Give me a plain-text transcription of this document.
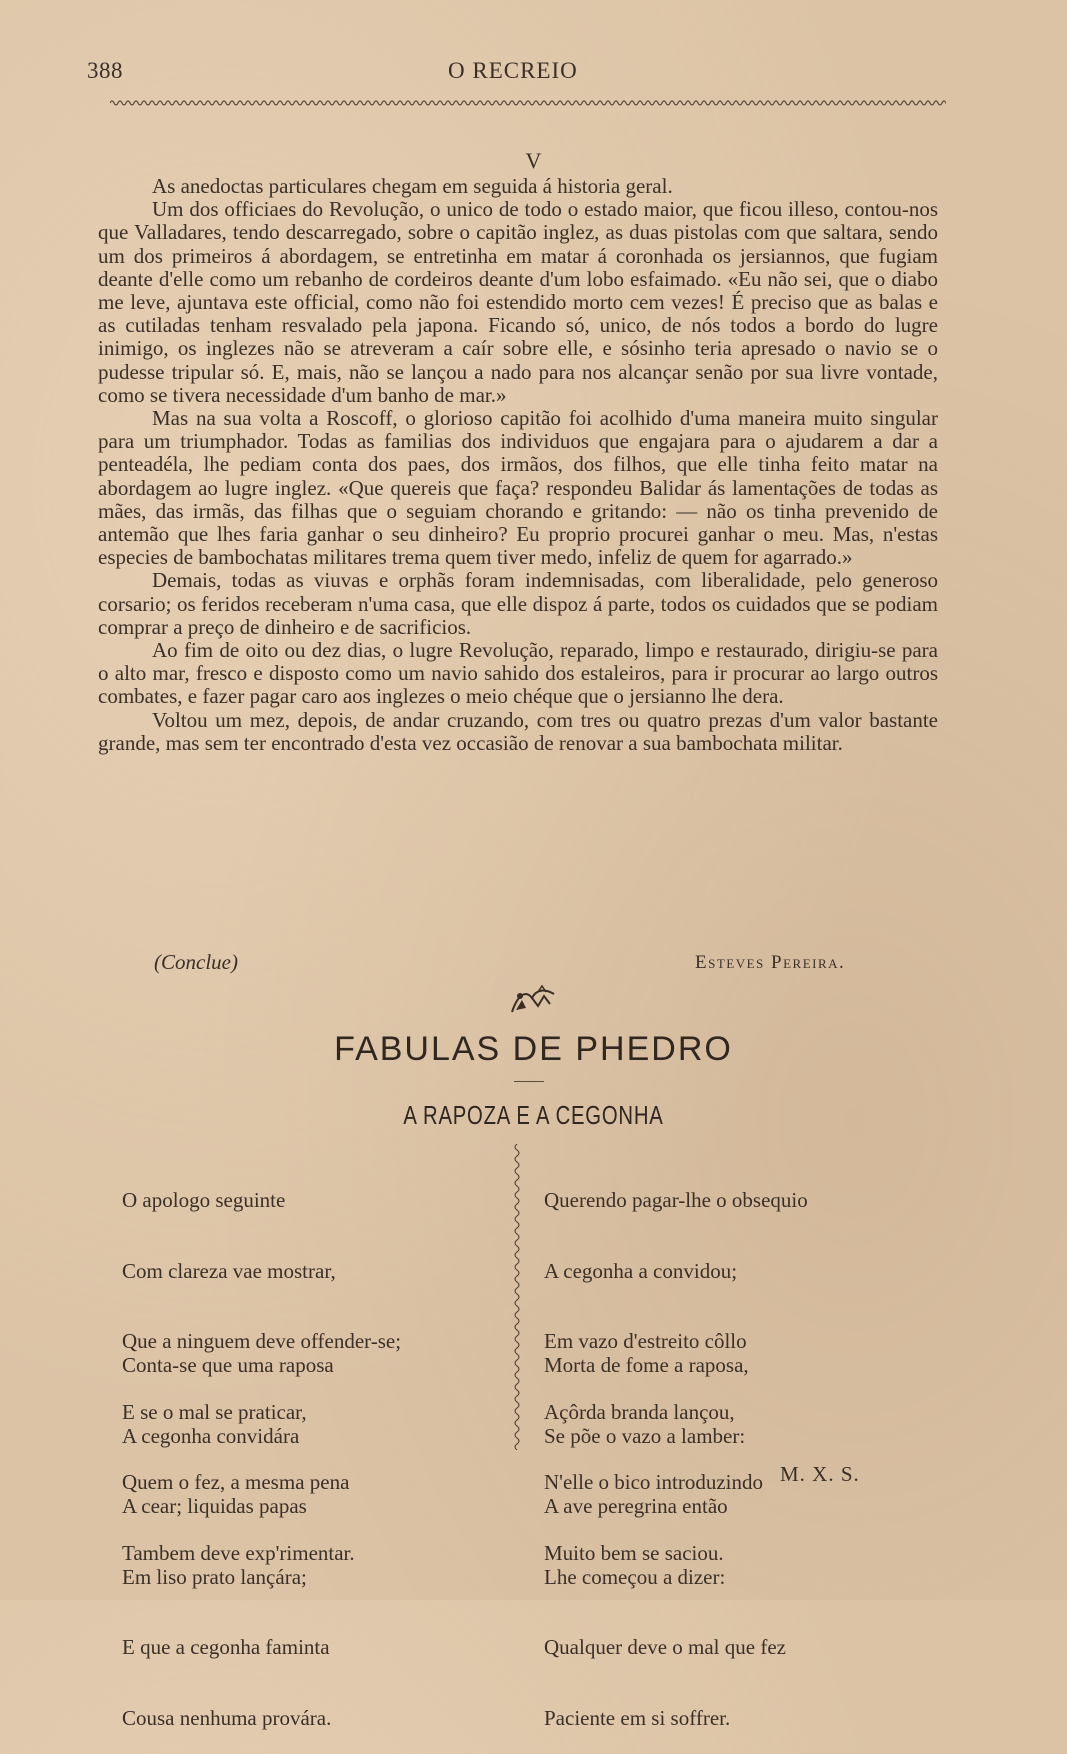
388	O RECREIO
V

As anedoctas particulares chegam em seguida á historia geral.

Um dos officiaes do Revolução, o unico de todo o estado maior, que ficou illeso, contou-nos que Valladares, tendo descarregado, sobre o capitão inglez, as duas pistolas com que saltara, sendo um dos primeiros á abordagem, se entretinha em matar á coronhada os jersiannos, que fugiam deante d'elle como um rebanho de cordeiros deante d'um lobo esfaimado. «Eu não sei, que o diabo me leve, ajuntava este official, como não foi estendido morto cem vezes! É preciso que as balas e as cutiladas tenham resvalado pela japona. Ficando só, unico, de nós todos a bordo do lugre inimigo, os inglezes não se atreveram a caír sobre elle, e sósinho teria apresado o navio se o pudesse tripular só. E, mais, não se lançou a nado para nos alcançar senão por sua livre vontade, como se tivera necessidade d'um banho de mar.»

Mas na sua volta a Roscoff, o glorioso capitão foi acolhido d'uma maneira muito singular para um triumphador. Todas as familias dos individuos que engajara para o ajudarem a dar a penteadéla, lhe pediam conta dos paes, dos irmãos, dos filhos, que elle tinha feito matar na abordagem ao lugre inglez. «Que quereis que faça? respondeu Balidar ás lamentações de todas as mães, das irmãs, das filhas que o seguiam chorando e gritando: — não os tinha prevenido de antemão que lhes faria ganhar o seu dinheiro? Eu proprio procurei ganhar o meu. Mas, n'estas especies de bambochatas militares trema quem tiver medo, infeliz de quem for agarrado.»

Demais, todas as viuvas e orphãs foram indemnisadas, com liberalidade, pelo generoso corsario; os feridos receberam n'uma casa, que elle dispoz á parte, todos os cuidados que se podiam comprar a preço de dinheiro e de sacrificios.

Ao fim de oito ou dez dias, o lugre Revolução, reparado, limpo e restaurado, dirigiu-se para o alto mar, fresco e disposto como um navio sahido dos estaleiros, para ir procurar ao largo outros combates, e fazer pagar caro aos inglezes o meio chéque que o jersianno lhe dera.

Voltou um mez, depois, de andar cruzando, com tres ou quatro prezas d'um valor bastante grande, mas sem ter encontrado d'esta vez occasião de renovar a sua bambochata militar.

(Conclue)	Esteves Pereira.
FABULAS DE PHEDRO
A RAPOZA E A CEGONHA

O apologo seguinte

Com clareza vae mostrar,

Que a ninguem deve offender-se;

E se o mal se praticar,

Quem o fez, a mesma pena

Tambem deve exp'rimentar.

Conta-se que uma raposa

A cegonha convidára

A cear; liquidas papas

Em liso prato lançára;

E que a cegonha faminta

Cousa nenhuma provára.

Querendo pagar-lhe o obsequio

A cegonha a convidou;

Em vazo d'estreito côllo

Açôrda branda lançou,

N'elle o bico introduzindo

Muito bem se saciou.

Morta de fome a raposa,

Se põe o vazo a lamber:

A ave peregrina então

Lhe começou a dizer:

Qualquer deve o mal que fez

Paciente em si soffrer.

M. X. S.
